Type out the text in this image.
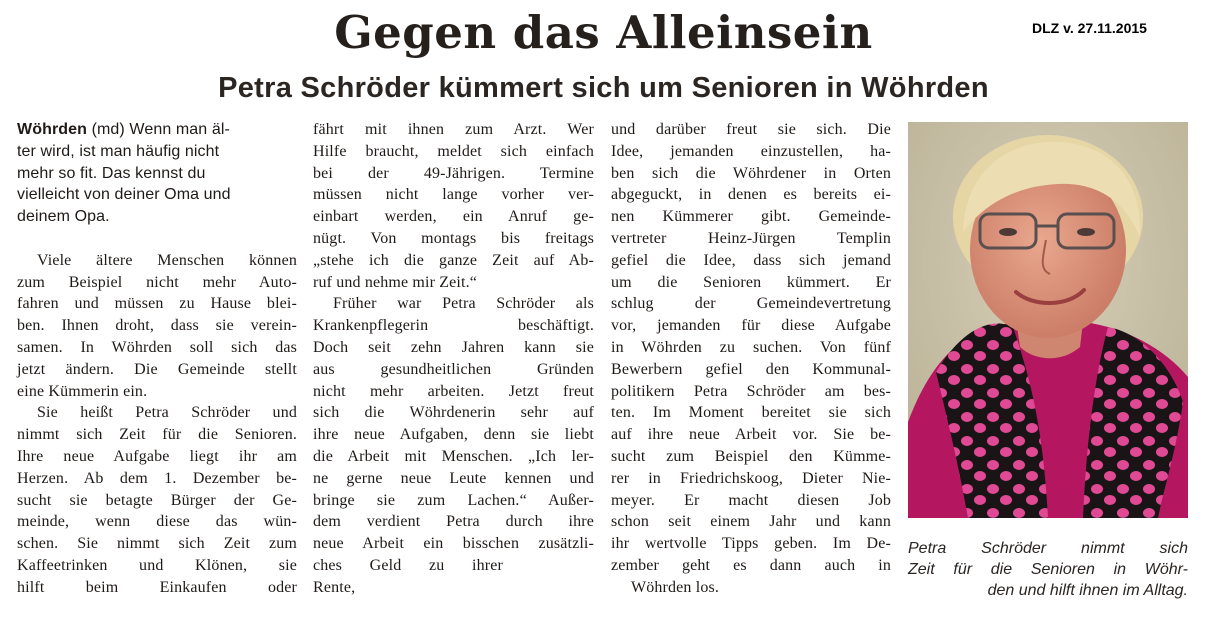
Gegen das Alleinsein	DLZ v. 27.11.2015
Petra Schröder kümmert sich um Senioren in Wöhrden
Wöhrden (md) Wenn man äl-
ter wird, ist man häufig nicht
mehr so fit. Das kennst du
vielleicht von deiner Oma und
deinem Opa.
Viele ältere Menschen können
zum Beispiel nicht mehr Auto-
fahren und müssen zu Hause blei-
ben. Ihnen droht, dass sie verein-
samen. In Wöhrden soll sich das
jetzt ändern. Die Gemeinde stellt
eine Kümmerin ein.
Sie heißt Petra Schröder und
nimmt sich Zeit für die Senioren.
Ihre neue Aufgabe liegt ihr am
Herzen. Ab dem 1. Dezember be-
sucht sie betagte Bürger der Ge-
meinde, wenn diese das wün-
schen. Sie nimmt sich Zeit zum
Kaffeetrinken und Klönen, sie
hilft beim Einkaufen oder
fährt mit ihnen zum Arzt. Wer
Hilfe braucht, meldet sich einfach
bei der 49-Jährigen. Termine
müssen nicht lange vorher ver-
einbart werden, ein Anruf ge-
nügt. Von montags bis freitags
„stehe ich die ganze Zeit auf Ab-
ruf und nehme mir Zeit.“
Früher war Petra Schröder als
Krankenpflegerin beschäftigt.
Doch seit zehn Jahren kann sie
aus gesundheitlichen Gründen
nicht mehr arbeiten. Jetzt freut
sich die Wöhrdenerin sehr auf
ihre neue Aufgaben, denn sie liebt
die Arbeit mit Menschen. „Ich ler-
ne gerne neue Leute kennen und
bringe sie zum Lachen.“ Außer-
dem verdient Petra durch ihre
neue Arbeit ein bisschen zusätzli-
ches Geld zu ihrer
Rente,
und darüber freut sie sich. Die
Idee, jemanden einzustellen, ha-
ben sich die Wöhrdener in Orten
abgeguckt, in denen es bereits ei-
nen Kümmerer gibt. Gemeinde-
vertreter Heinz-Jürgen Templin
gefiel die Idee, dass sich jemand
um die Senioren kümmert. Er
schlug der Gemeindevertretung
vor, jemanden für diese Aufgabe
in Wöhrden zu suchen. Von fünf
Bewerbern gefiel den Kommunal-
politikern Petra Schröder am bes-
ten. Im Moment bereitet sie sich
auf ihre neue Arbeit vor. Sie be-
sucht zum Beispiel den Kümme-
rer in Friedrichskoog, Dieter Nie-
meyer. Er macht diesen Job
schon seit einem Jahr und kann
ihr wertvolle Tipps geben. Im De-
zember geht es dann auch in
Wöhrden los.
Petra Schröder nimmt sich
Zeit für die Senioren in Wöhr-
den und hilft ihnen im Alltag.
